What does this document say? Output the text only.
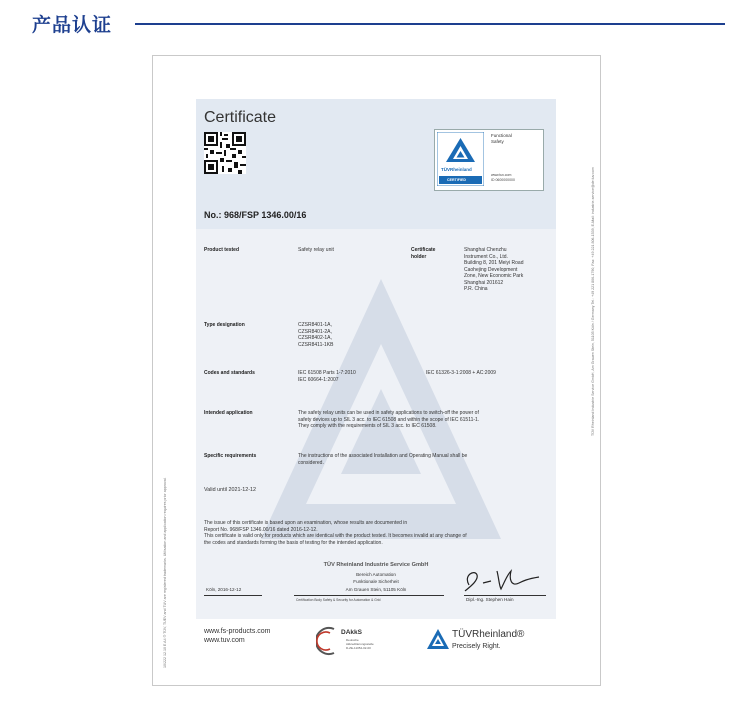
产品认证
10/222 12.10 E A4 ® TÜV, TUEV and TUV are registered trademarks. Utilisation and application requires prior approval.
TÜV Rheinland Industrie Service GmbH, Am Grauen Stein, 51105 Köln / Germany Tel.: +49 221 806-1790, Fax: +49 221 806-1539, E-Mail: industrie-service@de.tuv.com
Certificate
TÜVRheinland
CERTIFIED
Functional
Safety
www.tuv.com
ID 0600000000
No.: 968/FSP 1346.00/16
Product tested	Safety relay unit	Certificate
holder
Shanghai Chenzhu
Instrument Co., Ltd.
Building 8, 201 Meiyi Road
Caohejing Development
Zone, New Economic Park
Shanghai 201612
P.R. China
Type designation	CZSR8401-1A,
CZSR8401-2A,
CZSR8402-1A,
CZSR8411-1KB
Codes and standards	IEC 61508 Parts 1-7:2010
IEC 60664-1:2007
IEC 61326-3-1:2008 + AC:2009
Intended application	The safety relay units can be used in safety applications to switch-off the power of
safety devices up to SIL 3 acc. to IEC 61508 and within the scope of IEC 61511-1.
They comply with the requirements of SIL 3 acc. to IEC 61508.
Specific requirements	The instructions of the associated Installation and Operating Manual shall be
considered.
Valid until 2021-12-12
The issue of this certificate is based upon an examination, whose results are documented in
Report No. 968/FSP 1346.00/16 dated 2016-12-12.
This certificate is valid only for products which are identical with the product tested. It becomes invalid at any change of
the codes and standards forming the basis of testing for the intended application.
TÜV Rheinland Industrie Service GmbH
Bereich Automation
Funktionale Sicherheit
Am Grauen Stein, 51105 Köln
Köln, 2016-12-12
Certification Body Safety & Security for Automation & Grid	Dipl.-Ing. Stephen Hain
www.fs-products.com
www.tuv.com
DAkkS
Deutsche
Akkreditierungsstelle
D-ZE-11052-02-00
TÜVRheinland®
Precisely Right.
